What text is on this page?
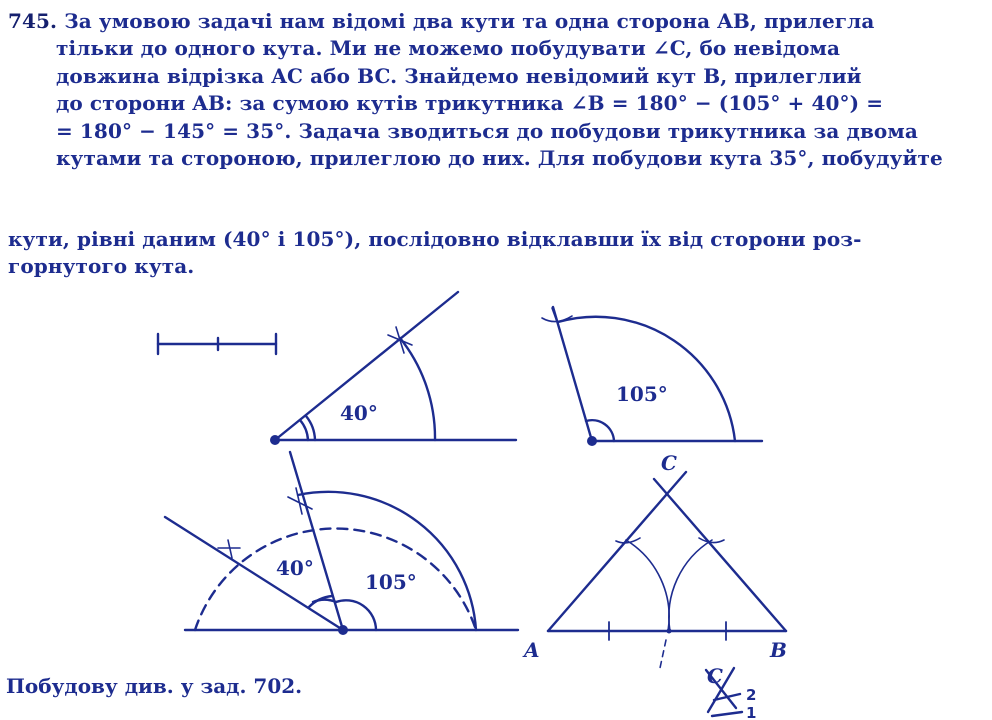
745. За умовою задачі нам відомі два кути та одна сторона AB, прилегла
тільки до одного кута. Ми не можемо побудувати ∠C, бо невідома
довжина відрізка AC або BC. Знайдемо невідомий кут B, прилеглий
до сторони AB: за сумою кутів трикутника ∠B = 180° − (105° + 40°) =
= 180° − 145° = 35°. Задача зводиться до побудови трикутника за двома
кутами та стороною, прилеглою до них. Для побудови кута 35°, побудуйте
кути, рівні даним (40° і 105°), послідовно відклавши їх від сторони роз-
горнутого кута.
40°
105°
40°
105°
A	B
C
C
2
1
Побудову див. у зад. 702.
